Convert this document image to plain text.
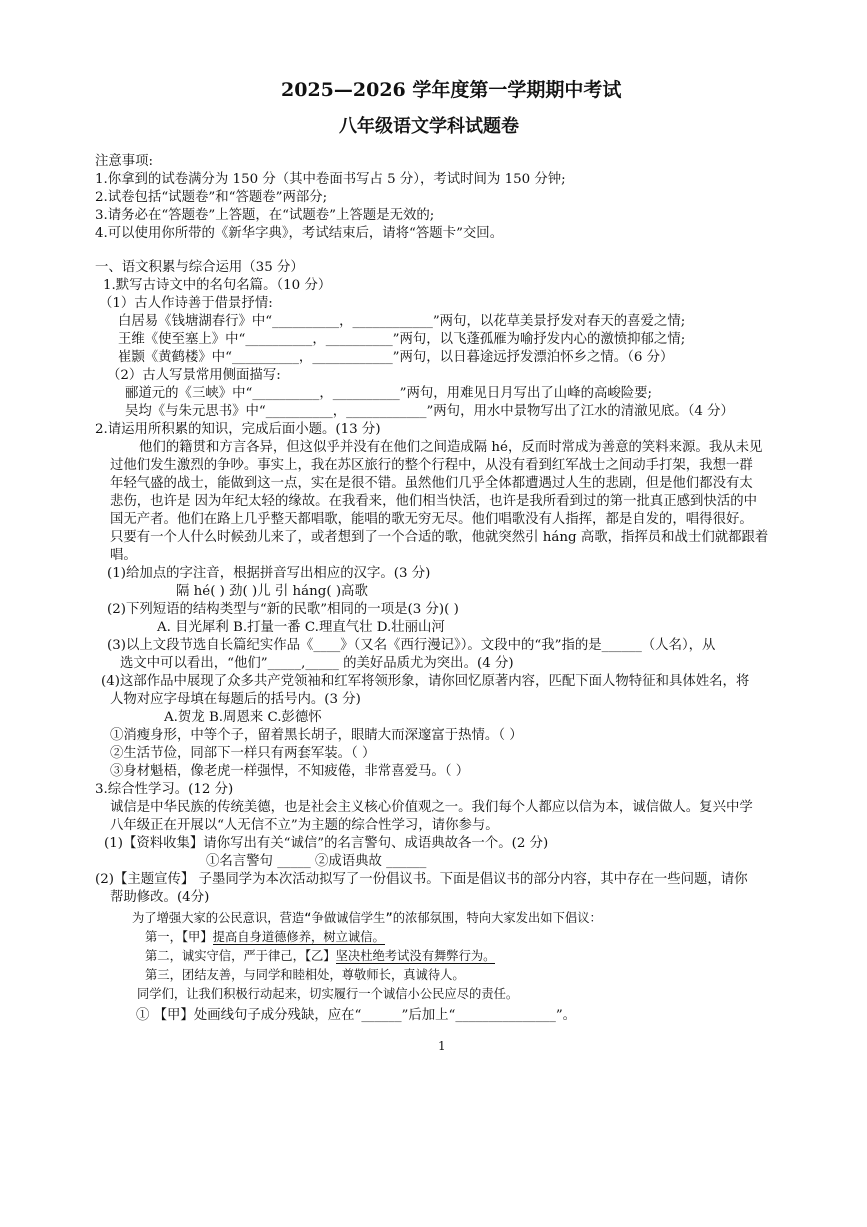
2025—2026 学年度第一学期期中考试
八年级语文学科试题卷
注意事项:
1.你拿到的试卷满分为 150 分（其中卷面书写占 5 分），考试时间为 150 分钟;
2.试卷包括“试题卷”和“答题卷”两部分;
3.请务必在“答题卷”上答题，在“试题卷”上答题是无效的;
4.可以使用你所带的《新华字典》，考试结束后，请将“答题卡”交回。
一、语文积累与综合运用（35 分）
1.默写古诗文中的名句名篇。（10 分）
（1）古人作诗善于借景抒情:
白居易《钱塘湖春行》中“__________，____________”两句，以花草美景抒发对春天的喜爱之情;
王维《使至塞上》中“__________，__________”两句，以飞蓬孤雁为喻抒发内心的激愤抑郁之情;
崔颢《黄鹤楼》中“__________，____________”两句，以日暮途远抒发漂泊怀乡之情。（6 分）
（2）古人写景常用侧面描写:
郦道元的《三峡》中“__________，__________”两句，用难见日月写出了山峰的高峻险要;
吴均《与朱元思书》中“__________，____________”两句，用水中景物写出了江水的清澈见底。（4 分）
2.请运用所积累的知识，完成后面小题。(13 分)
他们的籍贯和方言各异，但这似乎并没有在他们之间造成隔 hé，反而时常成为善意的笑料来源。我从未见
过他们发生激烈的争吵。事实上，我在苏区旅行的整个行程中，从没有看到红军战士之间动手打架，我想一群
年轻气盛的战士，能做到这一点，实在是很不错。虽然他们几乎全体都遭遇过人生的悲剧，但是他们都没有太
悲伤，也许是 因为年纪太轻的缘故。在我看来，他们相当快活，也许是我所看到过的第一批真正感到快活的中
国无产者。他们在路上几乎整天都唱歌，能唱的歌无穷无尽。他们唱歌没有人指挥，都是自发的，唱得很好。
只要有一个人什么时候劲儿来了，或者想到了一个合适的歌，他就突然引 háng 高歌，指挥员和战士们就都跟着
唱。
(1)给加点的字注音，根据拼音写出相应的汉字。(3 分)
隔 hé( ) 劲( )儿 引 háng( )高歌
(2)下列短语的结构类型与“新的民歌”相同的一项是(3 分)( )
A. 目光犀利 B.打量一番 C.理直气壮 D.壮丽山河
(3)以上文段节选自长篇纪实作品《____》（又名《西行漫记》）。文段中的“我”指的是______（人名），从
选文中可以看出，“他们”_____,_____ 的美好品质尤为突出。(4 分)
(4)这部作品中展现了众多共产党领袖和红军将领形象，请你回忆原著内容，匹配下面人物特征和具体姓名，将
人物对应字母填在每题后的括号内。(3 分)
A.贺龙 B.周恩来 C.彭德怀
①消瘦身形，中等个子，留着黑长胡子，眼睛大而深邃富于热情。（ ）
②生活节俭，同部下一样只有两套军装。（ ）
③身材魁梧，像老虎一样强悍，不知疲倦，非常喜爱马。（ ）
3.综合性学习。(12 分)
诚信是中华民族的传统美德，也是社会主义核心价值观之一。我们每个人都应以信为本，诚信做人。复兴中学
八年级正在开展以“人无信不立”为主题的综合性学习，请你参与。
(1)【资料收集】请你写出有关“诚信”的名言警句、成语典故各一个。(2 分)
①名言警句 _____ ②成语典故 ______
(2)【主题宣传】 子墨同学为本次活动拟写了一份倡议书。下面是倡议书的部分内容，其中存在一些问题，请你
帮助修改。(4分)
为了增强大家的公民意识，营造“争做诚信学生”的浓郁氛围，特向大家发出如下倡议：
第一，【甲】提高自身道德修养，树立诚信。
第二，诚实守信，严于律己，【乙】坚决杜绝考试没有舞弊行为。
第三，团结友善，与同学和睦相处，尊敬师长，真诚待人。
同学们，让我们积极行动起来，切实履行一个诚信小公民应尽的责任。
① 【甲】处画线句子成分残缺，应在“______”后加上“_______________”。
1
